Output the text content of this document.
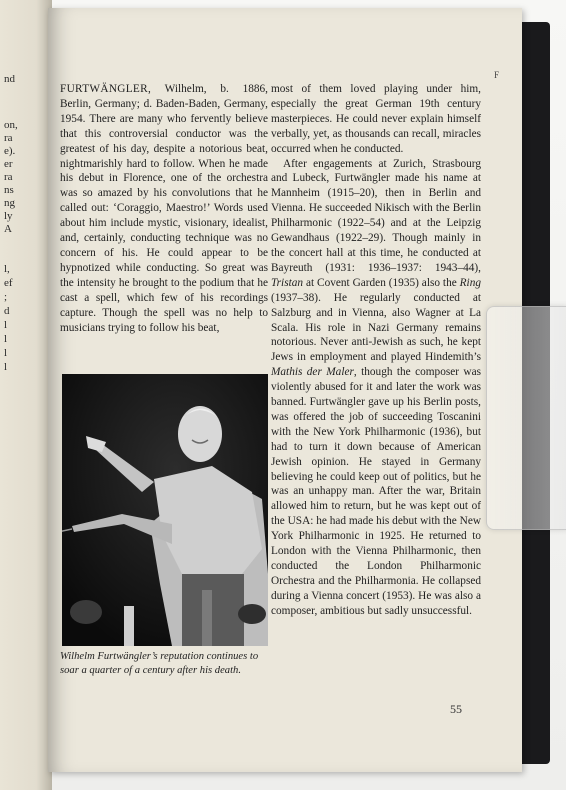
nd
on,
ra
e).
er
ra
ns
ng
ly
A
l,
ef
;
d
l
l
l
l
F

FURTWÄNGLER, Wilhelm, b. 1886, Berlin, Germany; d. Baden-Baden, Germany, 1954. There are many who fervently believe that this controversial conductor was the greatest of his day, despite a notorious beat, nightmarishly hard to follow. When he made his debut in Florence, one of the orchestra was so amazed by his convolutions that he called out: ‘Coraggio, Maestro!’ Words used about him include mystic, visionary, idealist, and, certainly, conducting technique was no concern of his. He could appear to be hypnotized while conducting. So great was the intensity he brought to the podium that he cast a spell, which few of his recordings capture. Though the spell was no help to musicians trying to follow his beat,

Wilhelm Furtwängler’s reputation continues to soar a quarter of a century after his death.

most of them loved playing under him, especially the great German 19th century masterpieces. He could never explain himself verbally, yet, as thousands can recall, miracles occurred when he conducted.

After engagements at Zurich, Strasbourg and Lubeck, Furtwängler made his name at Mannheim (1915–20), then in Berlin and Vienna. He succeeded Nikisch with the Berlin Philharmonic (1922–54) and at the Leipzig Gewandhaus (1922–29). Though mainly in the concert hall at this time, he conducted at Bayreuth (1931: 1936–1937: 1943–44), Tristan at Covent Garden (1935) also the Ring (1937–38). He regularly conducted at Salzburg and in Vienna, also Wagner at La Scala. His role in Nazi Germany remains notorious. Never anti-Jewish as such, he kept Jews in employment and played Hindemith’s Mathis der Maler, though the composer was violently abused for it and later the work was banned. Furtwängler gave up his Berlin posts, was offered the job of succeeding Toscanini with the New York Philharmonic (1936), but had to turn it down because of American Jewish opinion. He stayed in Germany believing he could keep out of politics, but he was an unhappy man. After the war, Britain allowed him to return, but he was kept out of the USA: he had made his debut with the New York Philharmonic in 1925. He returned to London with the Vienna Philharmonic, then conducted the London Philharmonic Orchestra and the Philharmonia. He collapsed during a Vienna concert (1953). He was also a composer, ambitious but sadly unsuccessful.

55
